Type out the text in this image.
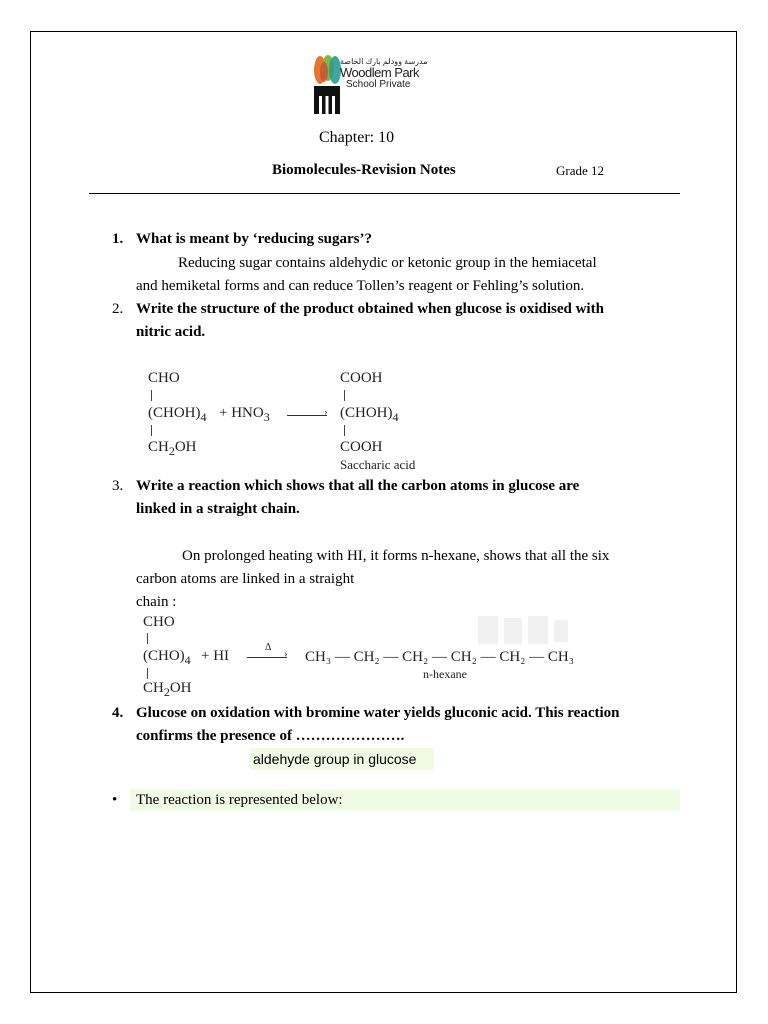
مدرسة وودلم بارك الخاصة
Woodlem Park
School Private
Chapter: 10
Biomolecules-Revision Notes	Grade 12
1. What is meant by ‘reducing sugars’?
Reducing sugar contains aldehydic or ketonic group in the hemiacetal
and hemiketal forms and can reduce Tollen’s reagent or Fehling’s solution.
2. Write the structure of the product obtained when glucose is oxidised with
nitric acid.
CHO
$(CHOH)_4 + HNO_3$	›
$CH_2OH$
COOH
$(CHOH)_4$
COOH
Saccharic acid
3. Write a reaction which shows that all the carbon atoms in glucose are
linked in a straight chain.
On prolonged heating with HI, it forms n-hexane, shows that all the six
carbon atoms are linked in a straight
chain :
CHO
$(CHO)_4$ + HI
Δ
›
$CH_2OH$
CH₃ — CH₂ — CH₂ — CH₂ — CH₂ — CH₃
n-hexane
4. Glucose on oxidation with bromine water yields gluconic acid. This reaction
confirms the presence of ………………….
aldehyde group in glucose
• The reaction is represented below:
